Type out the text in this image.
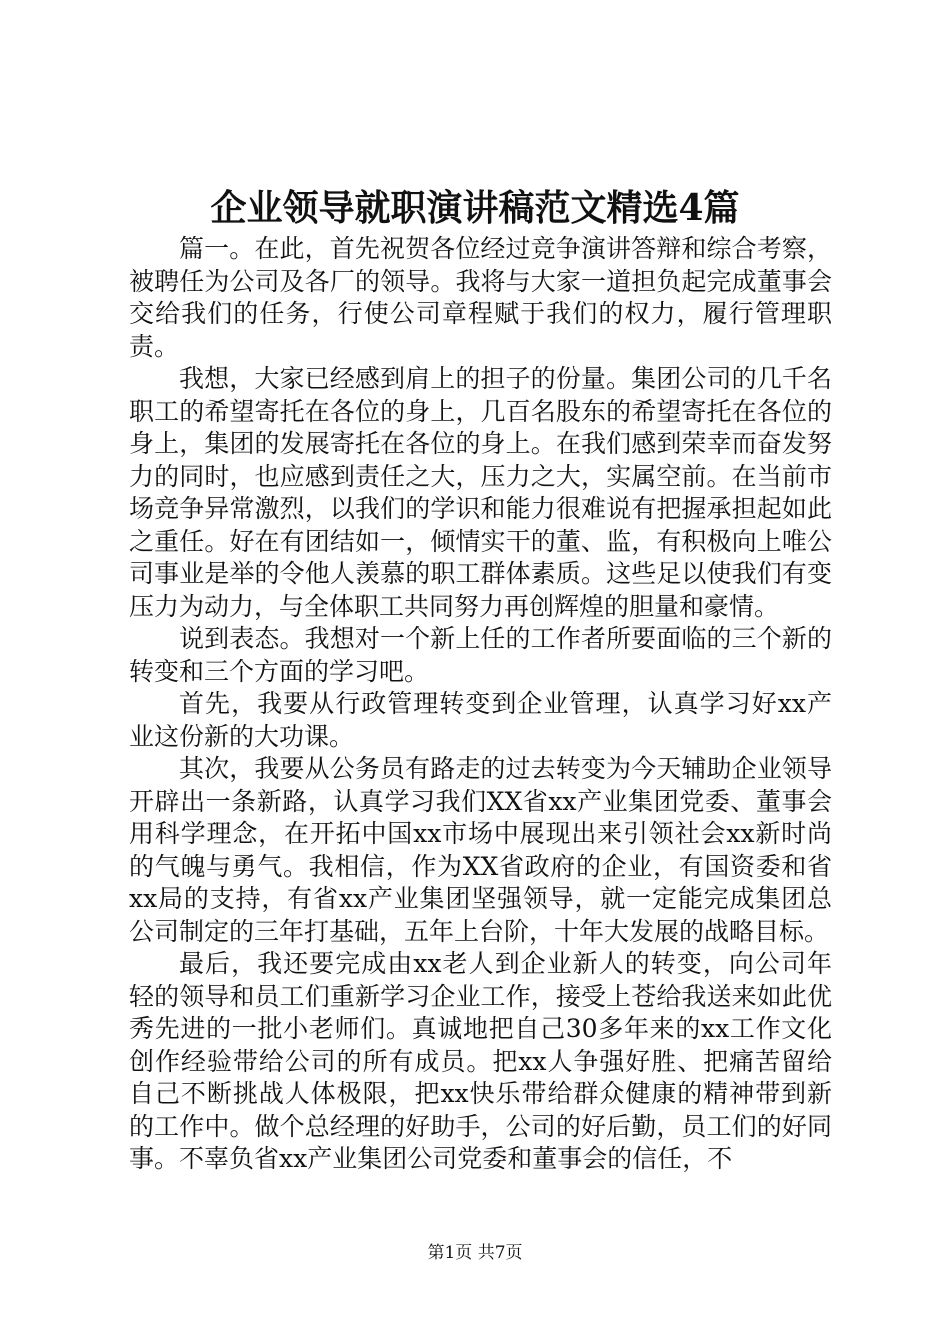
企业领导就职演讲稿范文精选4篇

篇一。在此，首先祝贺各位经过竞争演讲答辩和综合考察，被聘任为公司及各厂的领导。我将与大家一道担负起完成董事会交给我们的任务，行使公司章程赋于我们的权力，履行管理职责。

我想，大家已经感到肩上的担子的份量。集团公司的几千名职工的希望寄托在各位的身上，几百名股东的希望寄托在各位的身上，集团的发展寄托在各位的身上。在我们感到荣幸而奋发努力的同时，也应感到责任之大，压力之大，实属空前。在当前市场竞争异常激烈，以我们的学识和能力很难说有把握承担起如此之重任。好在有团结如一，倾情实干的董、监，有积极向上唯公司事业是举的令他人羡慕的职工群体素质。这些足以使我们有变压力为动力，与全体职工共同努力再创辉煌的胆量和豪情。

说到表态。我想对一个新上任的工作者所要面临的三个新的转变和三个方面的学习吧。

首先，我要从行政管理转变到企业管理，认真学习好xx产业这份新的大功课。

其次，我要从公务员有路走的过去转变为今天辅助企业领导开辟出一条新路，认真学习我们XX省xx产业集团党委、董事会用科学理念，在开拓中国xx市场中展现出来引领社会xx新时尚的气魄与勇气。我相信，作为XX省政府的企业，有国资委和省xx局的支持，有省xx产业集团坚强领导，就一定能完成集团总公司制定的三年打基础，五年上台阶，十年大发展的战略目标。

最后，我还要完成由xx老人到企业新人的转变，向公司年轻的领导和员工们重新学习企业工作，接受上苍给我送来如此优秀先进的一批小老师们。真诚地把自己30多年来的xx工作文化创作经验带给公司的所有成员。把xx人争强好胜、把痛苦留给自己不断挑战人体极限，把xx快乐带给群众健康的精神带到新的工作中。做个总经理的好助手，公司的好后勤，员工们的好同事。不辜负省xx产业集团公司党委和董事会的信任，不

第1页 共7页
